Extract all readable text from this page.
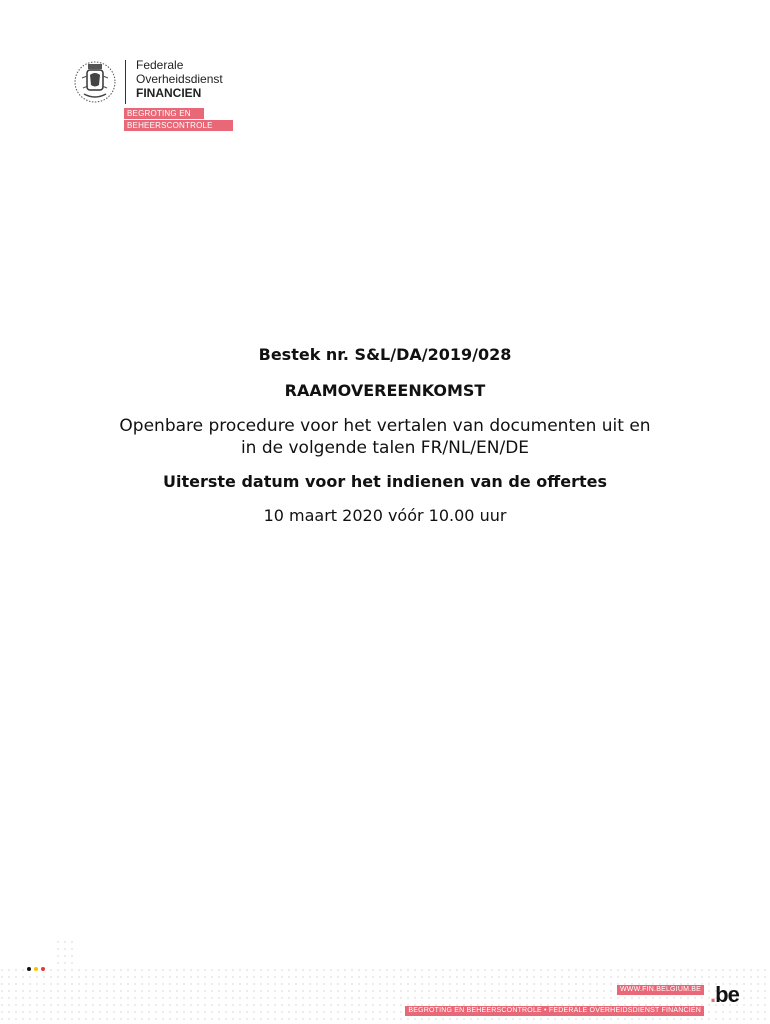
Federale
Overheidsdienst
FINANCIEN
BEGROTING EN
BEHEERSCONTROLE

Bestek nr. S&L/DA/2019/028

RAAMOVEREENKOMST

Openbare procedure voor het vertalen van documenten uit en
in de volgende talen FR/NL/EN/DE

Uiterste datum voor het indienen van de offertes

10 maart 2020 vóór 10.00 uur

WWW.FIN.BELGIUM.BE
BEGROTING EN BEHEERSCONTROLE • FEDERALE OVERHEIDSDIENST FINANCIEN
.be
